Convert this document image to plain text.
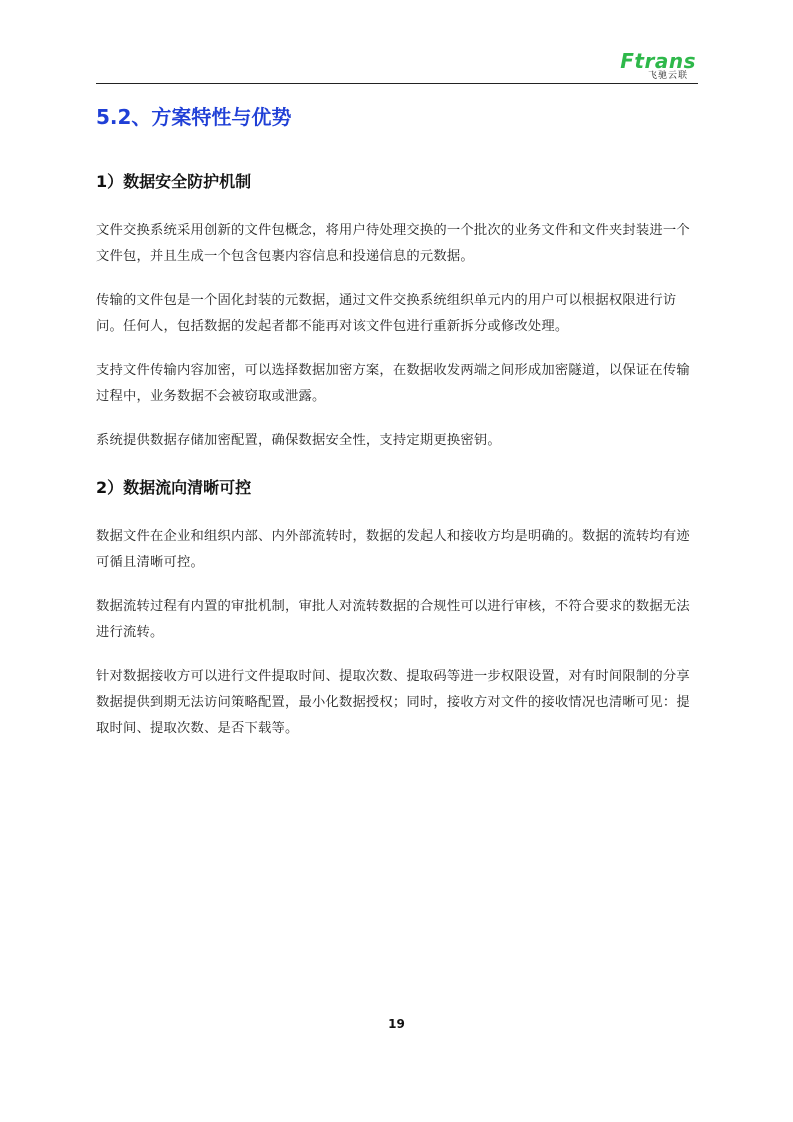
Ftrans
飞驰云联
5.2、方案特性与优势
1）数据安全防护机制

文件交换系统采用创新的文件包概念，将用户待处理交换的一个批次的业务文件和文件夹封装进一个文件包，并且生成一个包含包裹内容信息和投递信息的元数据。

传输的文件包是一个固化封装的元数据，通过文件交换系统组织单元内的用户可以根据权限进行访问。任何人，包括数据的发起者都不能再对该文件包进行重新拆分或修改处理。

支持文件传输内容加密，可以选择数据加密方案，在数据收发两端之间形成加密隧道，以保证在传输过程中，业务数据不会被窃取或泄露。

系统提供数据存储加密配置，确保数据安全性，支持定期更换密钥。

2）数据流向清晰可控

数据文件在企业和组织内部、内外部流转时，数据的发起人和接收方均是明确的。数据的流转均有迹可循且清晰可控。

数据流转过程有内置的审批机制，审批人对流转数据的合规性可以进行审核，不符合要求的数据无法进行流转。

针对数据接收方可以进行文件提取时间、提取次数、提取码等进一步权限设置，对有时间限制的分享数据提供到期无法访问策略配置，最小化数据授权；同时，接收方对文件的接收情况也清晰可见：提取时间、提取次数、是否下载等。

19
